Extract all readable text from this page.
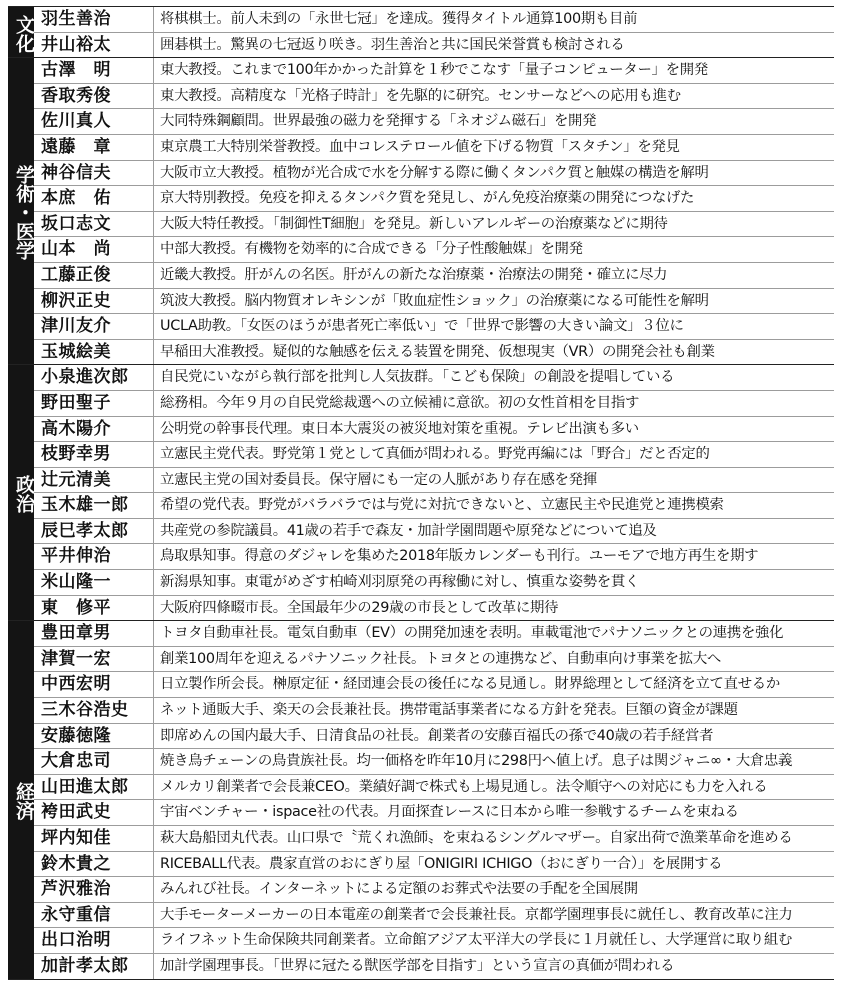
文化 羽生善治	将棋棋士。前人未到の「永世七冠」を達成。獲得タイトル通算100期も目前
井山裕太	囲碁棋士。驚異の七冠返り咲き。羽生善治と共に国民栄誉賞も検討される
学術・医学
古澤　明	東大教授。これまで100年かかった計算を１秒でこなす「量子コンピューター」を開発
香取秀俊	東大教授。高精度な「光格子時計」を先駆的に研究。センサーなどへの応用も進む
佐川真人	大同特殊鋼顧問。世界最強の磁力を発揮する「ネオジム磁石」を開発
遠藤　章	東京農工大特別栄誉教授。血中コレステロール値を下げる物質「スタチン」を発見
神谷信夫	大阪市立大教授。植物が光合成で水を分解する際に働くタンパク質と触媒の構造を解明
本庶　佑	京大特別教授。免疫を抑えるタンパク質を発見し、がん免疫治療薬の開発につなげた
坂口志文	大阪大特任教授。「制御性T細胞」を発見。新しいアレルギーの治療薬などに期待
山本　尚	中部大教授。有機物を効率的に合成できる「分子性酸触媒」を開発
工藤正俊	近畿大教授。肝がんの名医。肝がんの新たな治療薬・治療法の開発・確立に尽力
柳沢正史	筑波大教授。脳内物質オレキシンが「敗血症性ショック」の治療薬になる可能性を解明
津川友介	UCLA助教。「女医のほうが患者死亡率低い」で「世界で影響の大きい論文」３位に
玉城絵美	早稲田大准教授。疑似的な触感を伝える装置を開発、仮想現実（VR）の開発会社も創業
政治
小泉進次郎	自民党にいながら執行部を批判し人気抜群。「こども保険」の創設を提唱している
野田聖子	総務相。今年９月の自民党総裁選への立候補に意欲。初の女性首相を目指す
高木陽介	公明党の幹事長代理。東日本大震災の被災地対策を重視。テレビ出演も多い
枝野幸男	立憲民主党代表。野党第１党として真価が問われる。野党再編には「野合」だと否定的
辻元清美	立憲民主党の国対委員長。保守層にも一定の人脈があり存在感を発揮
玉木雄一郎	希望の党代表。野党がバラバラでは与党に対抗できないと、立憲民主や民進党と連携模索
辰巳孝太郎	共産党の参院議員。41歳の若手で森友・加計学園問題や原発などについて追及
平井伸治	鳥取県知事。得意のダジャレを集めた2018年版カレンダーも刊行。ユーモアで地方再生を期す
米山隆一	新潟県知事。東電がめざす柏崎刈羽原発の再稼働に対し、慎重な姿勢を貫く
東　修平	大阪府四條畷市長。全国最年少の29歳の市長として改革に期待
経済
豊田章男	トヨタ自動車社長。電気自動車（EV）の開発加速を表明。車載電池でパナソニックとの連携を強化
津賀一宏	創業100周年を迎えるパナソニック社長。トヨタとの連携など、自動車向け事業を拡大へ
中西宏明	日立製作所会長。榊原定征・経団連会長の後任になる見通し。財界総理として経済を立て直せるか
三木谷浩史	ネット通販大手、楽天の会長兼社長。携帯電話事業者になる方針を発表。巨額の資金が課題
安藤徳隆	即席めんの国内最大手、日清食品の社長。創業者の安藤百福氏の孫で40歳の若手経営者
大倉忠司	焼き鳥チェーンの鳥貴族社長。均一価格を昨年10月に298円へ値上げ。息子は関ジャニ∞・大倉忠義
山田進太郎	メルカリ創業者で会長兼CEO。業績好調で株式も上場見通し。法令順守への対応にも力を入れる
袴田武史	宇宙ベンチャー・ispace社の代表。月面探査レースに日本から唯一参戦するチームを束ねる
坪内知佳	萩大島船団丸代表。山口県で〝荒くれ漁師〟を束ねるシングルマザー。自家出荷で漁業革命を進める
鈴木貴之	RICEBALL代表。農家直営のおにぎり屋「ONIGIRI ICHIGO（おにぎり一合）」を展開する
芦沢雅治	みんれび社長。インターネットによる定額のお葬式や法要の手配を全国展開
永守重信	大手モーターメーカーの日本電産の創業者で会長兼社長。京都学園理事長に就任し、教育改革に注力
出口治明	ライフネット生命保険共同創業者。立命館アジア太平洋大の学長に１月就任し、大学運営に取り組む
加計孝太郎	加計学園理事長。「世界に冠たる獣医学部を目指す」という宣言の真価が問われる
